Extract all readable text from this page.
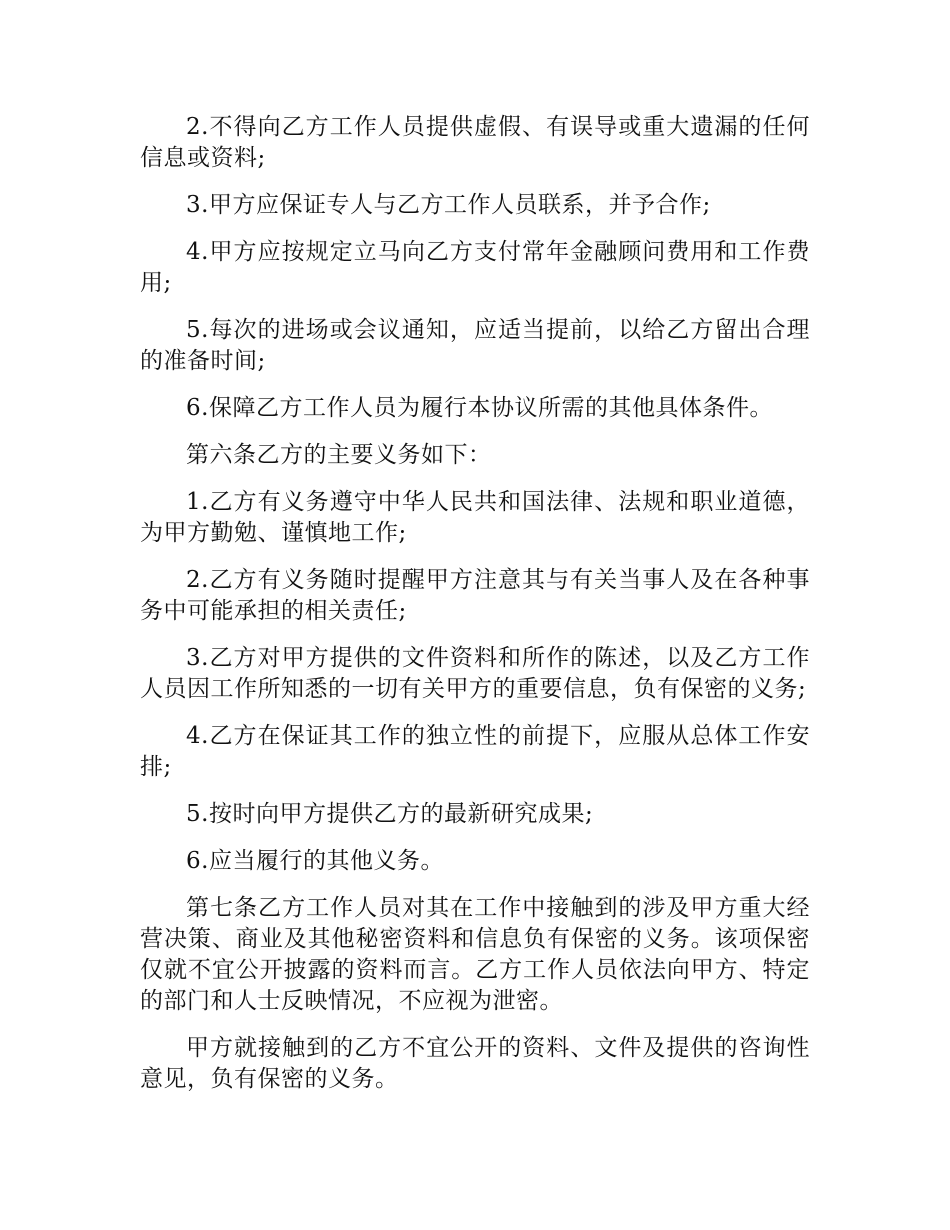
2.不得向乙方工作人员提供虚假、有误导或重大遗漏的任何信息或资料;

3.甲方应保证专人与乙方工作人员联系，并予合作;

4.甲方应按规定立马向乙方支付常年金融顾问费用和工作费用;

5.每次的进场或会议通知，应适当提前，以给乙方留出合理的准备时间;

6.保障乙方工作人员为履行本协议所需的其他具体条件。

第六条乙方的主要义务如下：

1.乙方有义务遵守中华人民共和国法律、法规和职业道德，为甲方勤勉、谨慎地工作;

2.乙方有义务随时提醒甲方注意其与有关当事人及在各种事务中可能承担的相关责任;

3.乙方对甲方提供的文件资料和所作的陈述，以及乙方工作人员因工作所知悉的一切有关甲方的重要信息，负有保密的义务;

4.乙方在保证其工作的独立性的前提下，应服从总体工作安排;

5.按时向甲方提供乙方的最新研究成果;

6.应当履行的其他义务。

第七条乙方工作人员对其在工作中接触到的涉及甲方重大经营决策、商业及其他秘密资料和信息负有保密的义务。该项保密仅就不宜公开披露的资料而言。乙方工作人员依法向甲方、特定的部门和人士反映情况，不应视为泄密。

甲方就接触到的乙方不宜公开的资料、文件及提供的咨询性意见，负有保密的义务。
